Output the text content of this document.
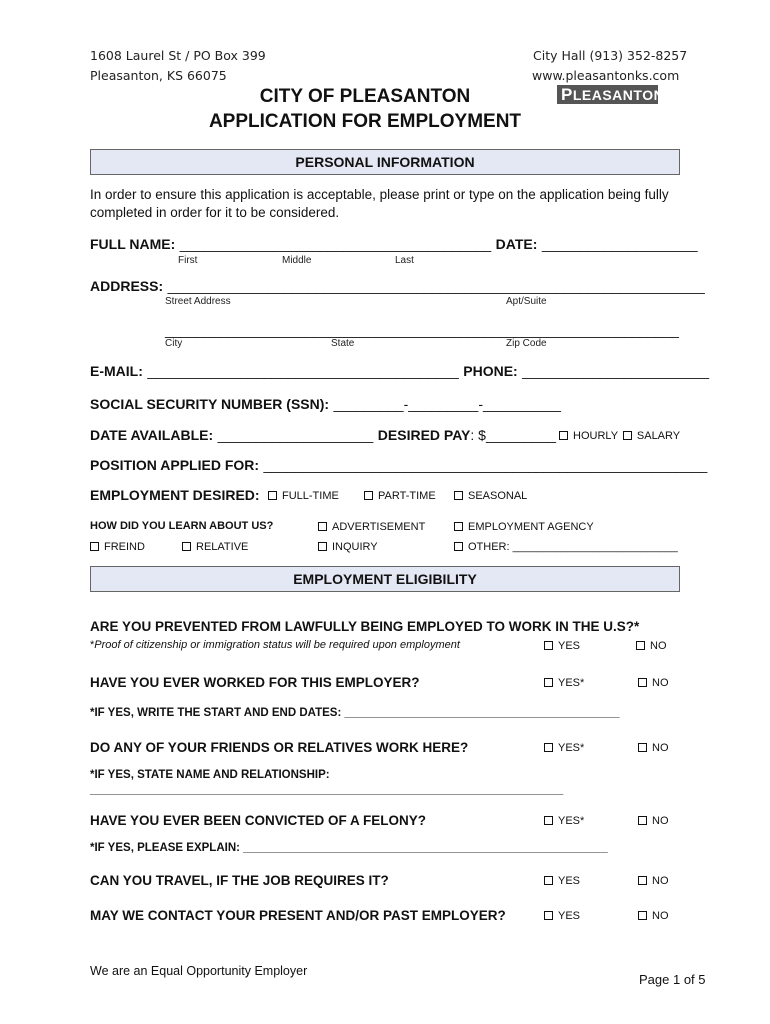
1608 Laurel St / PO Box 399
Pleasanton, KS 66075
City Hall (913) 352-8257
www.pleasantonks.com
CITY OF PLEASANTON
APPLICATION FOR EMPLOYMENT
PLEASANTON
PERSONAL INFORMATION
In order to ensure this application is acceptable, please print or type on the application being fully completed in order for it to be considered.
FULL NAME: ________________________________________ DATE: ____________________
First	Middle	Last
ADDRESS: _____________________________________________________________________
Street Address	Apt/Suite
__________________________________________________________________
City	State	Zip Code
E-MAIL: ________________________________________ PHONE: ________________________
SOCIAL SECURITY NUMBER (SSN): _________-_________-__________
DATE AVAILABLE: ____________________ DESIRED PAY: $_________	HOURLY SALARY
POSITION APPLIED FOR: _________________________________________________________
EMPLOYMENT DESIRED:	FULL-TIME	PART-TIME	SEASONAL
HOW DID YOU LEARN ABOUT US?	ADVERTISEMENT	EMPLOYMENT AGENCY
FREIND	RELATIVE	INQUIRY	OTHER: ___________________________
EMPLOYMENT ELIGIBILITY
ARE YOU PREVENTED FROM LAWFULLY BEING EMPLOYED TO WORK IN THE U.S?*
*Proof of citizenship or immigration status will be required upon employment	YES	NO
HAVE YOU EVER WORKED FOR THIS EMPLOYER?	YES*	NO
*IF YES, WRITE THE START AND END DATES: ___________________________________________
DO ANY OF YOUR FRIENDS OR RELATIVES WORK HERE?	YES*	NO
*IF YES, STATE NAME AND RELATIONSHIP:
__________________________________________________________________________
HAVE YOU EVER BEEN CONVICTED OF A FELONY?	YES*	NO
*IF YES, PLEASE EXPLAIN: _________________________________________________________
CAN YOU TRAVEL, IF THE JOB REQUIRES IT?	YES	NO
MAY WE CONTACT YOUR PRESENT AND/OR PAST EMPLOYER?	YES	NO
We are an Equal Opportunity Employer
Page 1 of 5
